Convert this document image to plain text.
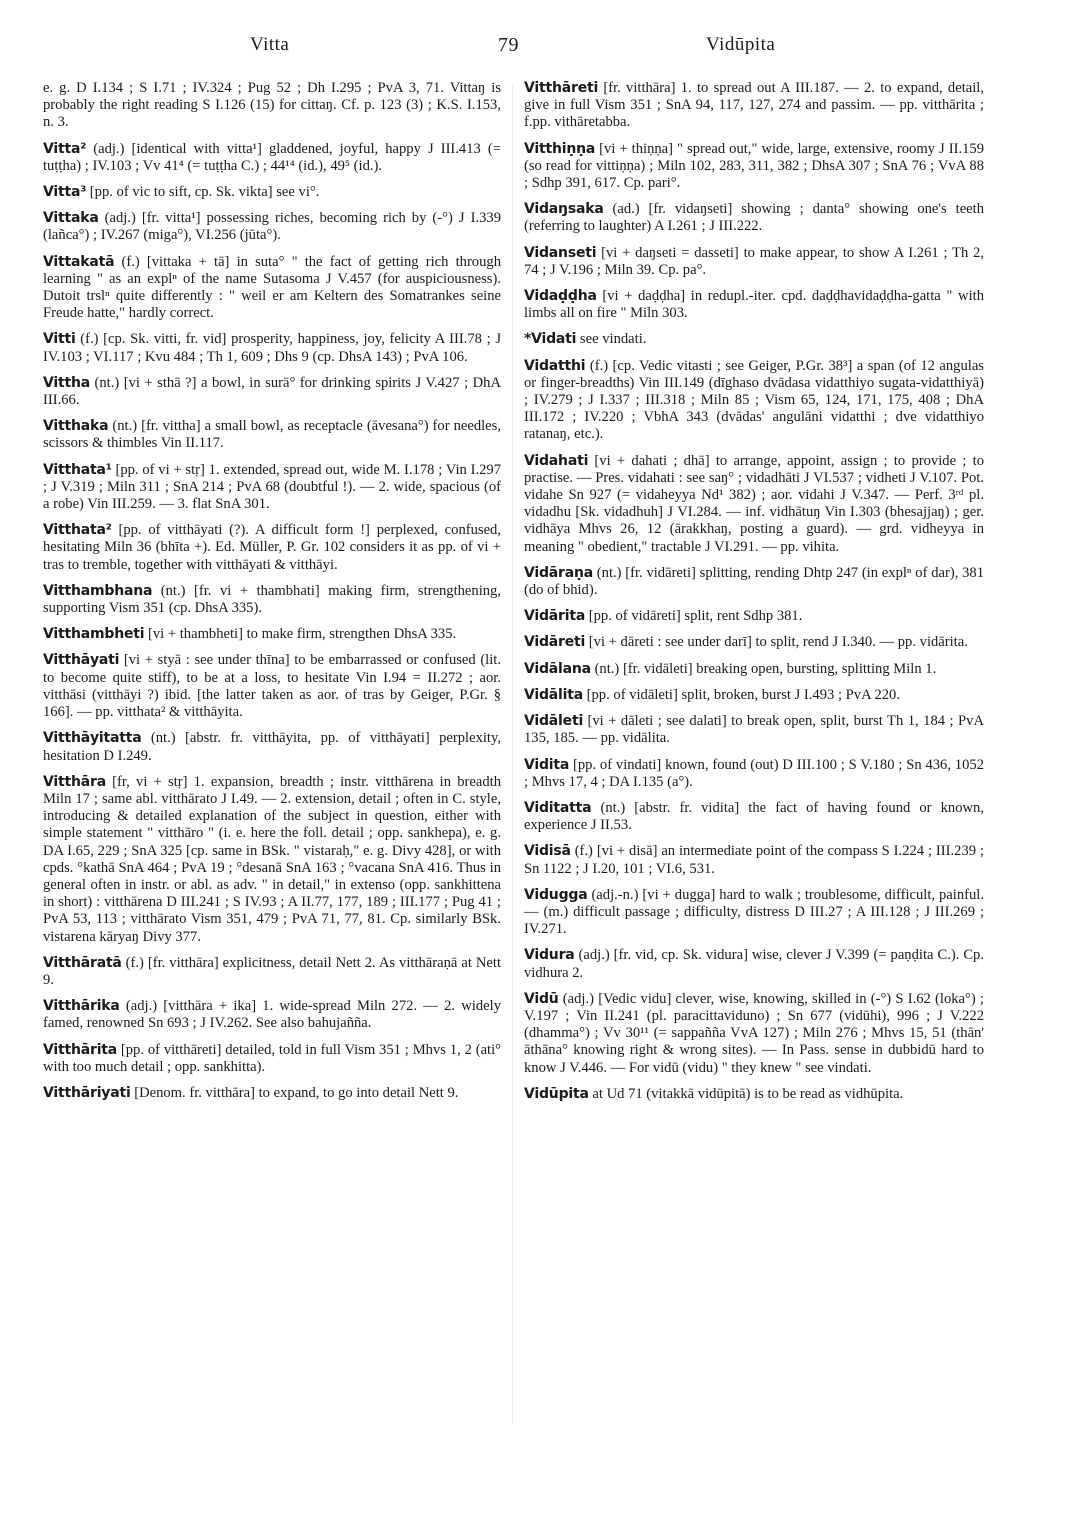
Vitta	79	Vidūpita
e. g. D I.134 ; S I.71 ; IV.324 ; Pug 52 ; Dh I.295 ; PvA 3, 71. Vittaŋ is probably the right reading S I.126 (15) for cittaŋ. Cf. p. 123 (3) ; K.S. I.153, n. 3.
Vitta² (adj.) [identical with vitta¹] gladdened, joyful, happy J III.413 (= tuṭṭha) ; IV.103 ; Vv 41⁴ (= tuṭṭha C.) ; 44¹⁴ (id.), 49⁵ (id.).
Vitta³ [pp. of vic to sift, cp. Sk. vikta] see vi°.
Vittaka (adj.) [fr. vitta¹] possessing riches, becoming rich by (-°) J I.339 (lañca°) ; IV.267 (miga°), VI.256 (jūta°).
Vittakatā (f.) [vittaka + tā] in suta° " the fact of getting rich through learning " as an explⁿ of the name Sutasoma J V.457 (for auspiciousness). Dutoit trslⁿ quite differently : " weil er am Keltern des Somatrankes seine Freude hatte," hardly correct.
Vitti (f.) [cp. Sk. vitti, fr. vid] prosperity, happiness, joy, felicity A III.78 ; J IV.103 ; VI.117 ; Kvu 484 ; Th 1, 609 ; Dhs 9 (cp. DhsA 143) ; PvA 106.
Vittha (nt.) [vi + sthā ?] a bowl, in surā° for drinking spirits J V.427 ; DhA III.66.
Vitthaka (nt.) [fr. vittha] a small bowl, as receptacle (āvesana°) for needles, scissors & thimbles Vin II.117.
Vitthata¹ [pp. of vi + stṛ] 1. extended, spread out, wide M. I.178 ; Vin I.297 ; J V.319 ; Miln 311 ; SnA 214 ; PvA 68 (doubtful !). — 2. wide, spacious (of a robe) Vin III.259. — 3. flat SnA 301.
Vitthata² [pp. of vitthāyati (?). A difficult form !] perplexed, confused, hesitating Miln 36 (bhīta +). Ed. Müller, P. Gr. 102 considers it as pp. of vi + tras to tremble, together with vitthāyati & vitthāyi.
Vitthambhana (nt.) [fr. vi + thambhati] making firm, strengthening, supporting Vism 351 (cp. DhsA 335).
Vitthambheti [vi + thambheti] to make firm, strengthen DhsA 335.
Vitthāyati [vi + styā : see under thīna] to be embarrassed or confused (lit. to become quite stiff), to be at a loss, to hesitate Vin I.94 = II.272 ; aor. vitthāsi (vitthāyi ?) ibid. [the latter taken as aor. of tras by Geiger, P.Gr. § 166]. — pp. vitthata² & vitthāyita.
Vitthāyitatta (nt.) [abstr. fr. vitthāyita, pp. of vitthāyati] perplexity, hesitation D I.249.
Vitthāra [fr, vi + stṛ] 1. expansion, breadth ; instr. vitthārena in breadth Miln 17 ; same abl. vitthārato J I.49. — 2. extension, detail ; often in C. style, introducing & detailed explanation of the subject in question, either with simple statement " vitthāro " (i. e. here the foll. detail ; opp. sankhepa), e. g. DA I.65, 229 ; SnA 325 [cp. same in BSk. " vistaraḥ," e. g. Divy 428], or with cpds. °kathā SnA 464 ; PvA 19 ; °desanā SnA 163 ; °vacana SnA 416. Thus in general often in instr. or abl. as adv. " in detail," in extenso (opp. sankhittena in short) : vitthārena D III.241 ; S IV.93 ; A II.77, 177, 189 ; III.177 ; Pug 41 ; PvA 53, 113 ; vitthārato Vism 351, 479 ; PvA 71, 77, 81. Cp. similarly BSk. vistarena kāryaŋ Divy 377.
Vitthāratā (f.) [fr. vitthāra] explicitness, detail Nett 2. As vitthāraṇā at Nett 9.
Vitthārika (adj.) [vitthāra + ika] 1. wide-spread Miln 272. — 2. widely famed, renowned Sn 693 ; J IV.262. See also bahujañña.
Vitthārita [pp. of vitthāreti] detailed, told in full Vism 351 ; Mhvs 1, 2 (ati° with too much detail ; opp. sankhitta).
Vitthāriyati [Denom. fr. vitthāra] to expand, to go into detail Nett 9.
Vitthāreti [fr. vitthāra] 1. to spread out A III.187. — 2. to expand, detail, give in full Vism 351 ; SnA 94, 117, 127, 274 and passim. — pp. vitthārita ; f.pp. vithāretabba.
Vitthiṇṇa [vi + thiṇṇa] " spread out," wide, large, extensive, roomy J II.159 (so read for vittiṇṇa) ; Miln 102, 283, 311, 382 ; DhsA 307 ; SnA 76 ; VvA 88 ; Sdhp 391, 617. Cp. pari°.
Vidaŋsaka (ad.) [fr. vidaŋseti] showing ; danta° showing one's teeth (referring to laughter) A I.261 ; J III.222.
Vidanseti [vi + daŋseti = dasseti] to make appear, to show A I.261 ; Th 2, 74 ; J V.196 ; Miln 39. Cp. pa°.
Vidaḍḍha [vi + daḍḍha] in redupl.-iter. cpd. daḍḍhavidaḍḍha-gatta " with limbs all on fire " Miln 303.
*Vidati see vindati.
Vidatthi (f.) [cp. Vedic vitasti ; see Geiger, P.Gr. 38³] a span (of 12 angulas or finger-breadths) Vin III.149 (dīghaso dvādasa vidatthiyo sugata-vidatthiyā) ; IV.279 ; J I.337 ; III.318 ; Miln 85 ; Vism 65, 124, 171, 175, 408 ; DhA III.172 ; IV.220 ; VbhA 343 (dvādas' angulāni vidatthi ; dve vidatthiyo ratanaŋ, etc.).
Vidahati [vi + dahati ; dhā] to arrange, appoint, assign ; to provide ; to practise. — Pres. vidahati : see saŋ° ; vidadhāti J VI.537 ; vidheti J V.107. Pot. vidahe Sn 927 (= vidaheyya Nd¹ 382) ; aor. vidahi J V.347. — Perf. 3ʳᵈ pl. vidadhu [Sk. vidadhuh] J VI.284. — inf. vidhātuŋ Vin I.303 (bhesajjaŋ) ; ger. vidhāya Mhvs 26, 12 (ārakkhaŋ, posting a guard). — grd. vidheyya in meaning " obedient," tractable J VI.291. — pp. vihita.
Vidāraṇa (nt.) [fr. vidāreti] splitting, rending Dhtp 247 (in explⁿ of dar), 381 (do of bhid).
Vidārita [pp. of vidāreti] split, rent Sdhp 381.
Vidāreti [vi + dāreti : see under darī] to split, rend J I.340. — pp. vidārita.
Vidālana (nt.) [fr. vidāleti] breaking open, bursting, splitting Miln 1.
Vidālita [pp. of vidāleti] split, broken, burst J I.493 ; PvA 220.
Vidāleti [vi + dāleti ; see dalati] to break open, split, burst Th 1, 184 ; PvA 135, 185. — pp. vidālita.
Vidita [pp. of vindati] known, found (out) D III.100 ; S V.180 ; Sn 436, 1052 ; Mhvs 17, 4 ; DA I.135 (a°).
Viditatta (nt.) [abstr. fr. vidita] the fact of having found or known, experience J II.53.
Vidisā (f.) [vi + disā] an intermediate point of the compass S I.224 ; III.239 ; Sn 1122 ; J I.20, 101 ; VI.6, 531.
Vidugga (adj.-n.) [vi + dugga] hard to walk ; troublesome, difficult, painful. — (m.) difficult passage ; difficulty, distress D III.27 ; A III.128 ; J III.269 ; IV.271.
Vidura (adj.) [fr. vid, cp. Sk. vidura] wise, clever J V.399 (= paṇḍita C.). Cp. vidhura 2.
Vidū (adj.) [Vedic vidu] clever, wise, knowing, skilled in (-°) S I.62 (loka°) ; V.197 ; Vin II.241 (pl. paracittaviduno) ; Sn 677 (vidūhi), 996 ; J V.222 (dhamma°) ; Vv 30¹¹ (= sappañña VvA 127) ; Miln 276 ; Mhvs 15, 51 (thān' āthāna° knowing right & wrong sites). — In Pass. sense in dubbidū hard to know J V.446. — For vidū (vidu) " they knew " see vindati.
Vidūpita at Ud 71 (vitakkā vidūpitā) is to be read as vidhūpita.
